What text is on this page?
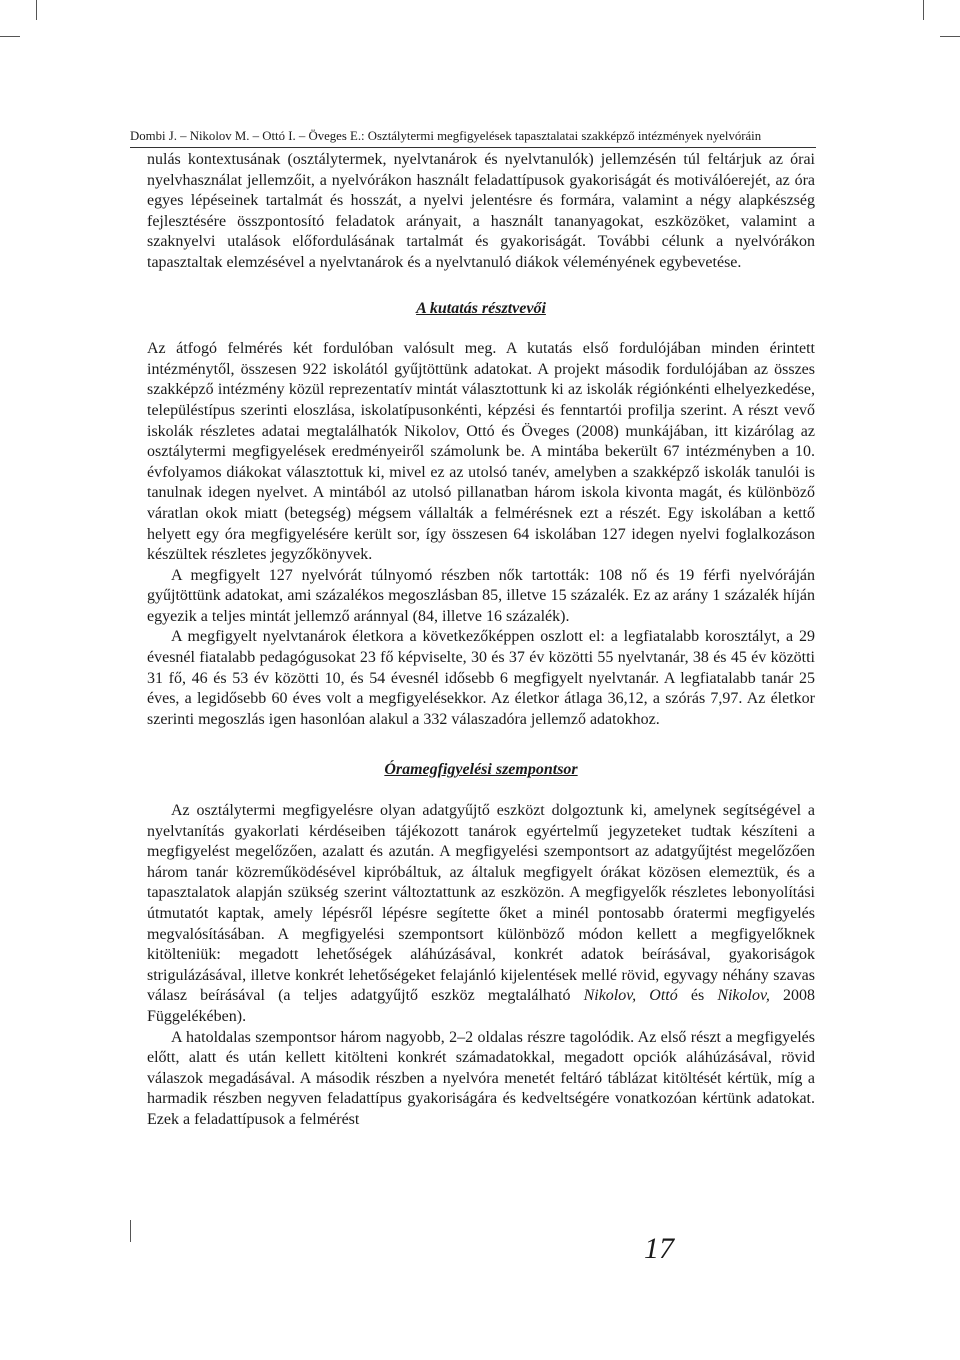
Dombi J. – Nikolov M. – Ottó I. – Öveges E.: Osztálytermi megfigyelések tapasztalatai szakképző intézmények nyelvóráin

nulás kontextusának (osztálytermek, nyelvtanárok és nyelvtanulók) jellemzésén túl feltárjuk az órai nyelvhasználat jellemzőit, a nyelvórákon használt feladattípusok gyakoriságát és motiválóerejét, az óra egyes lépéseinek tartalmát és hosszát, a nyelvi jelentésre és formára, valamint a négy alapkészség fejlesztésére összpontosító feladatok arányait, a használt tananyagokat, eszközöket, valamint a szaknyelvi utalások előfordulásának tartalmát és gyakoriságát. További célunk a nyelvórákon tapasztaltak elemzésével a nyelvtanárok és a nyelvtanuló diákok véleményének egybevetése.

A kutatás résztvevői

Az átfogó felmérés két fordulóban valósult meg. A kutatás első fordulójában minden érintett intézménytől, összesen 922 iskolától gyűjtöttünk adatokat. A projekt második fordulójában az összes szakképző intézmény közül reprezentatív mintát választottunk ki az iskolák régiónkénti elhelyezkedése, településtípus szerinti eloszlása, iskolatípusonkénti, képzési és fenntartói profilja szerint. A részt vevő iskolák részletes adatai megtalálhatók Nikolov, Ottó és Öveges (2008) munkájában, itt kizárólag az osztálytermi megfigyelések eredményeiről számolunk be. A mintába bekerült 67 intézményben a 10. évfolyamos diákokat választottuk ki, mivel ez az utolsó tanév, amelyben a szakképző iskolák tanulói is tanulnak idegen nyelvet. A mintából az utolsó pillanatban három iskola kivonta magát, és különböző váratlan okok miatt (betegség) mégsem vállalták a felmérésnek ezt a részét. Egy iskolában a kettő helyett egy óra megfigyelésére került sor, így összesen 64 iskolában 127 idegen nyelvi foglalkozáson készültek részletes jegyzőkönyvek.

A megfigyelt 127 nyelvórát túlnyomó részben nők tartották: 108 nő és 19 férfi nyelvóráján gyűjtöttünk adatokat, ami százalékos megoszlásban 85, illetve 15 százalék. Ez az arány 1 százalék híján egyezik a teljes mintát jellemző aránnyal (84, illetve 16 százalék).

A megfigyelt nyelvtanárok életkora a következőképpen oszlott el: a legfiatalabb korosztályt, a 29 évesnél fiatalabb pedagógusokat 23 fő képviselte, 30 és 37 év közötti 55 nyelvtanár, 38 és 45 év közötti 31 fő, 46 és 53 év közötti 10, és 54 évesnél idősebb 6 megfigyelt nyelvtanár. A legfiatalabb tanár 25 éves, a legidősebb 60 éves volt a megfigyelésekkor. Az életkor átlaga 36,12, a szórás 7,97. Az életkor szerinti megoszlás igen hasonlóan alakul a 332 válaszadóra jellemző adatokhoz.

Óramegfigyelési szempontsor

Az osztálytermi megfigyelésre olyan adatgyűjtő eszközt dolgoztunk ki, amelynek segítségével a nyelvtanítás gyakorlati kérdéseiben tájékozott tanárok egyértelmű jegyzeteket tudtak készíteni a megfigyelést megelőzően, azalatt és azután. A megfigyelési szempontsort az adatgyűjtést megelőzően három tanár közreműködésével kipróbáltuk, az általuk megfigyelt órákat közösen elemeztük, és a tapasztalatok alapján szükség szerint változtattunk az eszközön. A megfigyelők részletes lebonyolítási útmutatót kaptak, amely lépésről lépésre segítette őket a minél pontosabb óratermi megfigyelés megvalósításában. A megfigyelési szempontsort különböző módon kellett a megfigyelőknek kitölteniük: megadott lehetőségek aláhúzásával, konkrét adatok beírásával, gyakoriságok strigulázásával, illetve konkrét lehetőségeket felajánló kijelentések mellé rövid, egyvagy néhány szavas válasz beírásával (a teljes adatgyűjtő eszköz megtalálható Nikolov, Ottó és Nikolov, 2008 Függelékében).

A hatoldalas szempontsor három nagyobb, 2–2 oldalas részre tagolódik. Az első részt a megfigyelés előtt, alatt és után kellett kitölteni konkrét számadatokkal, megadott opciók aláhúzásával, rövid válaszok megadásával. A második részben a nyelvóra menetét feltáró táblázat kitöltését kértük, míg a harmadik részben negyven feladattípus gyakoriságára és kedveltségére vonatkozóan kértünk adatokat. Ezek a feladattípusok a felmérést

17
